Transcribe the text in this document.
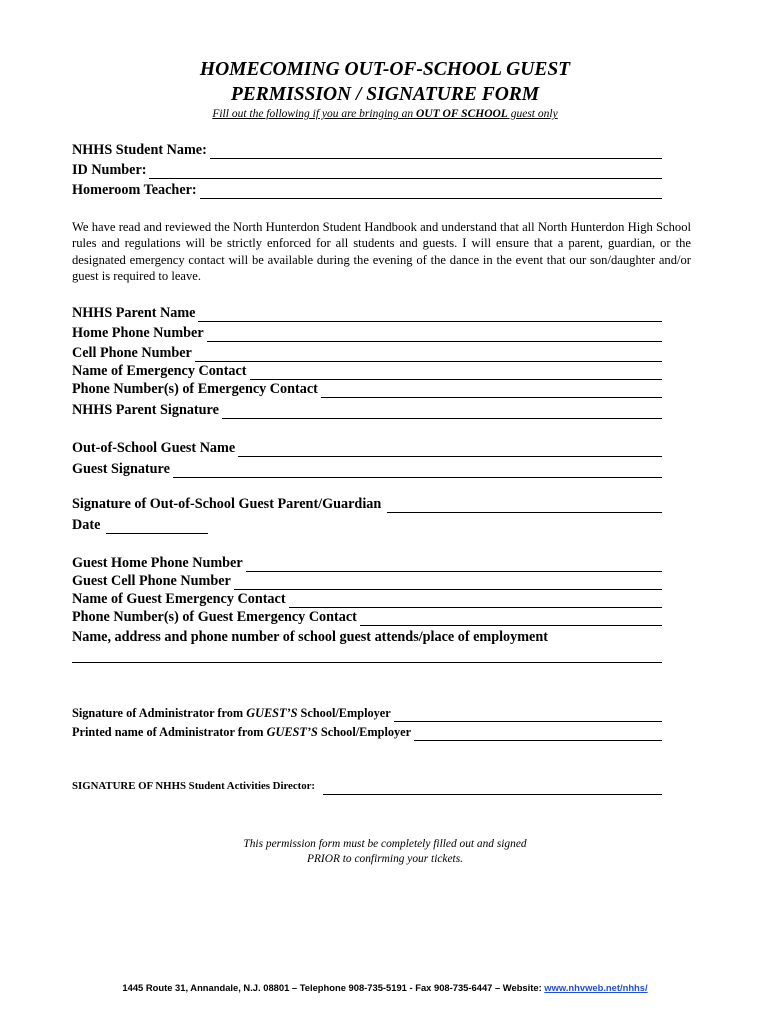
HOMECOMING OUT-OF-SCHOOL GUEST
PERMISSION / SIGNATURE FORM
Fill out the following if you are bringing an OUT OF SCHOOL guest only
NHHS Student Name:
ID Number:
Homeroom Teacher:
We have read and reviewed the North Hunterdon Student Handbook and understand that all North Hunterdon High School rules and regulations will be strictly enforced for all students and guests. I will ensure that a parent, guardian, or the designated emergency contact will be available during the evening of the dance in the event that our son/daughter and/or guest is required to leave.
NHHS Parent Name
Home Phone Number
Cell Phone Number
Name of Emergency Contact
Phone Number(s) of Emergency Contact
NHHS Parent Signature
Out-of-School Guest Name
Guest Signature
Signature of Out-of-School Guest Parent/Guardian
Date
Guest Home Phone Number
Guest Cell Phone Number
Name of Guest Emergency Contact
Phone Number(s) of Guest Emergency Contact
Name, address and phone number of school guest attends/place of employment
Signature of Administrator from GUEST’S School/Employer
Printed name of Administrator from GUEST’S School/Employer
SIGNATURE OF NHHS Student Activities Director:
This permission form must be completely filled out and signed
PRIOR to confirming your tickets.
1445 Route 31, Annandale, N.J. 08801 – Telephone 908-735-5191 - Fax 908-735-6447 – Website: www.nhvweb.net/nhhs/
